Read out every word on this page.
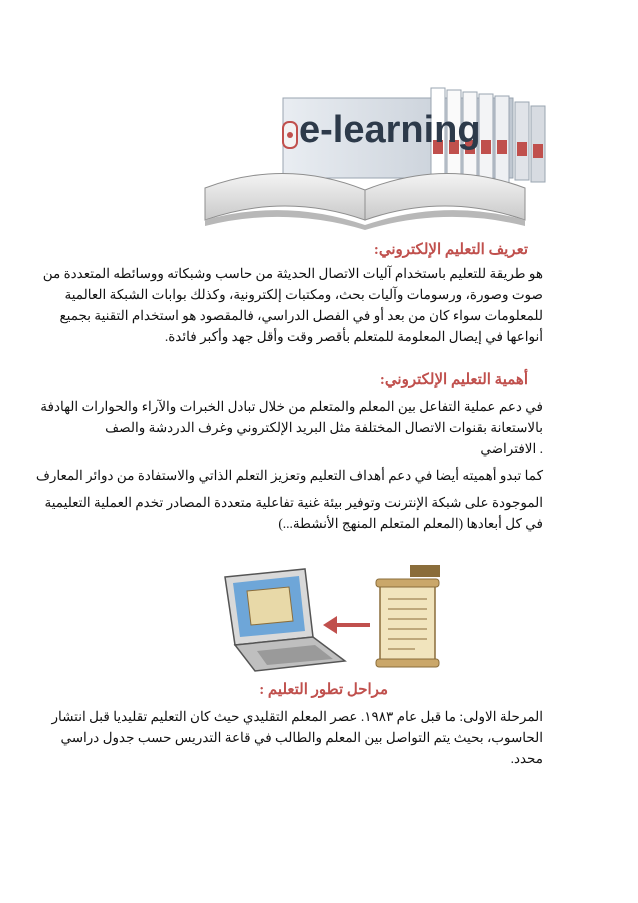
e-learning
تعريف التعليم الإلكتروني:
هو طريقة للتعليم باستخدام آليات الاتصال الحديثة من حاسب وشبكاته ووسائطه المتعددة من
صوت وصورة، ورسومات وآليات بحث، ومكتبات إلكترونية، وكذلك بوابات الشبكة العالمية
للمعلومات سواء كان من بعد أو في الفصل الدراسي، فالمقصود هو استخدام التقنية بجميع
أنواعها في إيصال المعلومة للمتعلم بأقصر وقت وأقل جهد وأكبر فائدة.
أهمية التعليم الإلكتروني:
في دعم عملية التفاعل بين المعلم والمتعلم من خلال تبادل الخبرات والآراء والحوارات الهادفة
بالاستعانة بقنوات الاتصال المختلفة مثل البريد الإلكتروني وغرف الدردشة والصف
. الافتراضي
كما تبدو أهميته أيضا في دعم أهداف التعليم وتعزيز التعلم الذاتي والاستفادة من دوائر المعارف
الموجودة على شبكة الإنترنت وتوفير بيئة غنية تفاعلية متعددة المصادر تخدم العملية التعليمية
في كل أبعادها (المعلم المتعلم المنهج الأنشطة...)
مراحل تطور التعليم :
المرحلة الاولى: ما قبل عام ١٩٨٣. عصر المعلم التقليدي حيث كان التعليم تقليديا قبل انتشار
الحاسوب، بحيث يتم التواصل بين المعلم والطالب في قاعة التدريس حسب جدول دراسي
محدد.
